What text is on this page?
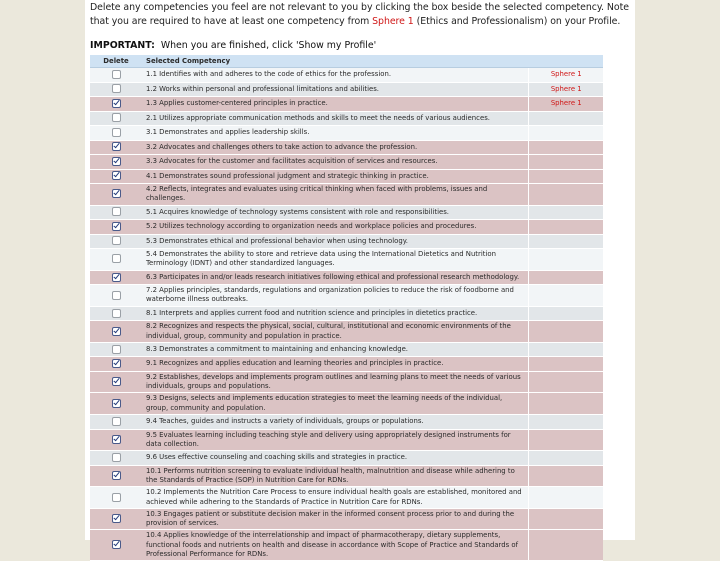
Delete any competencies you feel are not relevant to you by clicking the box beside the selected competency. Note that you are required to have at least one competency from Sphere 1 (Ethics and Professionalism) on your Profile.
IMPORTANT:  When you are finished, click 'Show my Profile'
Delete	Selected Competency	
	1.1 Identifies with and adheres to the code of ethics for the profession.	Sphere 1
	1.2 Works within personal and professional limitations and abilities.	Sphere 1
	1.3 Applies customer-centered principles in practice.	Sphere 1
	2.1 Utilizes appropriate communication methods and skills to meet the needs of various audiences.	
	3.1 Demonstrates and applies leadership skills.	
	3.2 Advocates and challenges others to take action to advance the profession.	
	3.3 Advocates for the customer and facilitates acquisition of services and resources.	
	4.1 Demonstrates sound professional judgment and strategic thinking in practice.	
	4.2 Reflects, integrates and evaluates using critical thinking when faced with problems, issues and challenges.	
	5.1 Acquires knowledge of technology systems consistent with role and responsibilities.	
	5.2 Utilizes technology according to organization needs and workplace policies and procedures.	
	5.3 Demonstrates ethical and professional behavior when using technology.	
	5.4 Demonstrates the ability to store and retrieve data using the International Dietetics and Nutrition Terminology (IDNT) and other standardized languages.	
	6.3 Participates in and/or leads research initiatives following ethical and professional research methodology.	
	7.2 Applies principles, standards, regulations and organization policies to reduce the risk of foodborne and waterborne illness outbreaks.	
	8.1 Interprets and applies current food and nutrition science and principles in dietetics practice.	
	8.2 Recognizes and respects the physical, social, cultural, institutional and economic environments of the individual, group, community and population in practice.	
	8.3 Demonstrates a commitment to maintaining and enhancing knowledge.	
	9.1 Recognizes and applies education and learning theories and principles in practice.	
	9.2 Establishes, develops and implements program outlines and learning plans to meet the needs of various individuals, groups and populations.	
	9.3 Designs, selects and implements education strategies to meet the learning needs of the individual, group, community and population.	
	9.4 Teaches, guides and instructs a variety of individuals, groups or populations.	
	9.5 Evaluates learning including teaching style and delivery using appropriately designed instruments for data collection.	
	9.6 Uses effective counseling and coaching skills and strategies in practice.	
	10.1 Performs nutrition screening to evaluate individual health, malnutrition and disease while adhering to the Standards of Practice (SOP) in Nutrition Care for RDNs.	
	10.2 Implements the Nutrition Care Process to ensure individual health goals are established, monitored and achieved while adhering to the Standards of Practice in Nutrition Care for RDNs.	
	10.3 Engages patient or substitute decision maker in the informed consent process prior to and during the provision of services.	
	10.4 Applies knowledge of the interrelationship and impact of pharmacotherapy, dietary supplements, functional foods and nutrients on health and disease in accordance with Scope of Practice and Standards of Professional Performance for RDNs.	
